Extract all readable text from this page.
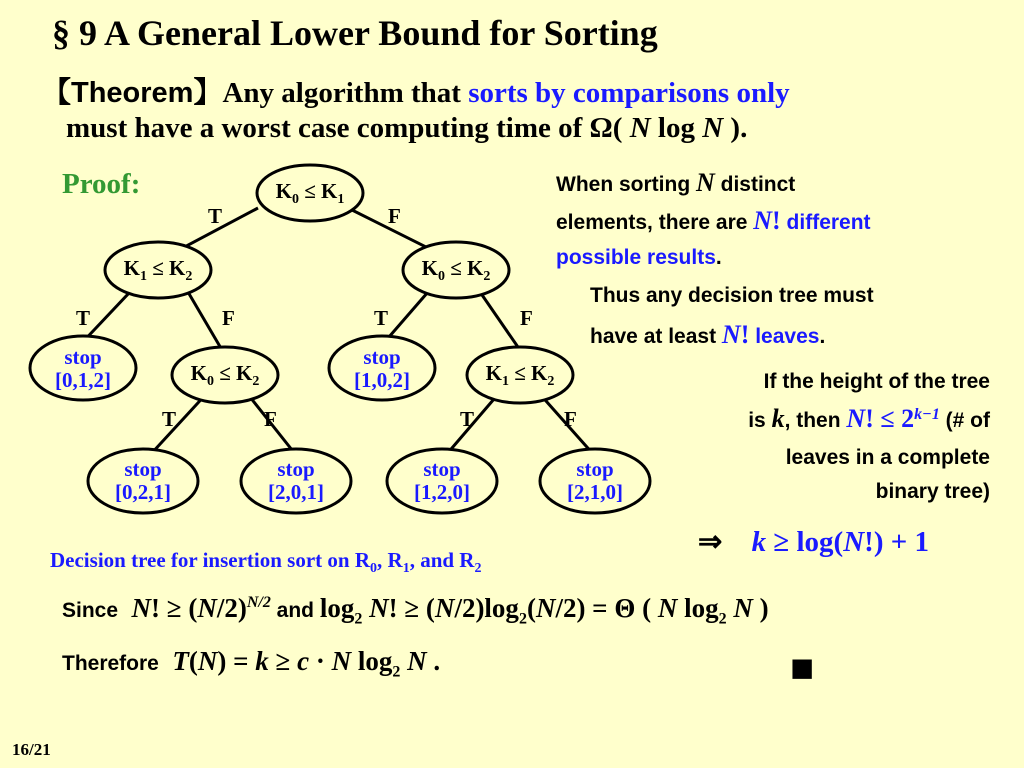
§ 9 A General Lower Bound for Sorting
【Theorem】Any algorithm that sorts by comparisons only
must have a worst case computing time of Ω( N log N ).
Proof:	$K_0 \le K_1$
$K_1 \le K_2$	$K_0 \le K_2$
$K_0 \le K_2$	$K_1 \le K_2$
stop
[0,1,2]
stop
[1,0,2]
stop
[0,2,1]
stop
[2,0,1]
stop
[1,2,0]
stop
[2,1,0]
T	F
T	F	T	F
T	F	T	F
Decision tree for insertion sort on $R_0$, $R_1$, and $R_2$
When sorting N distinct
elements, there are N! different
possible results.
Thus any decision tree must
have at least N! leaves.
If the height of the tree
is k, then N! ≤ $2^{k-1}$ (# of
leaves in a complete
binary tree)
⇒ k ≥ log(N!) + 1
Since N! ≥ $(N/2)^{N/2}$ and $\log_2 N$! ≥ $(N/2)\log_2(N/2) = \Theta$ ( N $\log_2 N$ )
Therefore T(N) = k ≥ c · N $\log_2 N$ .	■
16/21
